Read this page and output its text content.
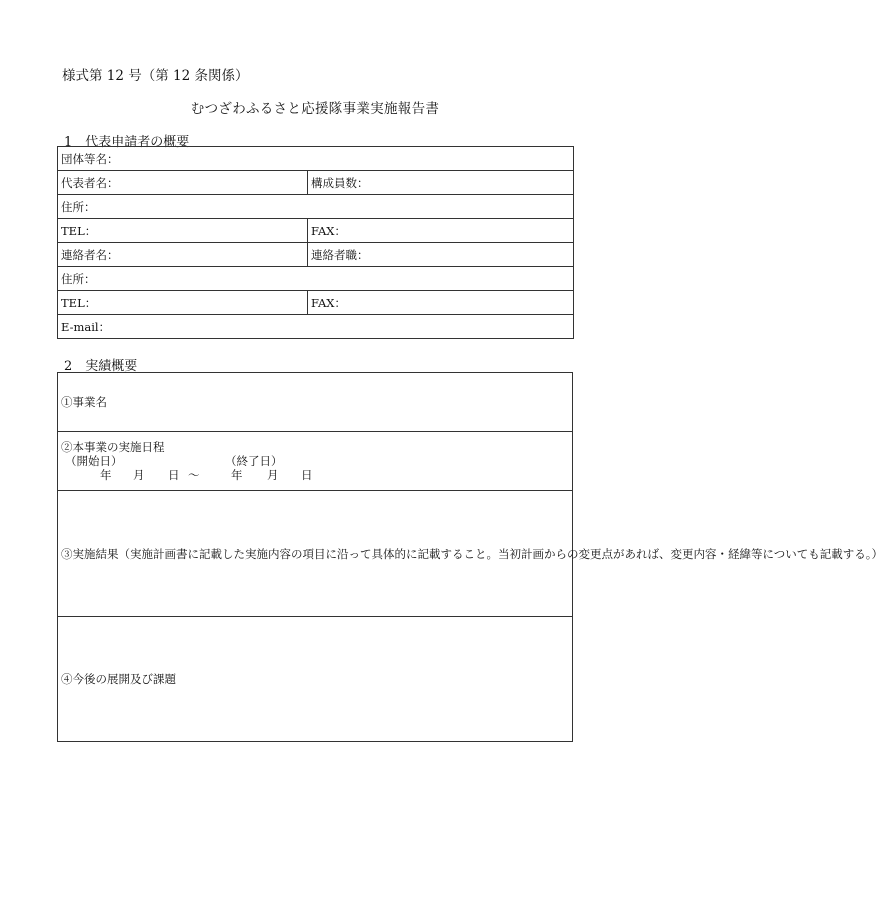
様式第 12 号（第 12 条関係）
むつざわふるさと応援隊事業実施報告書
1　代表申請者の概要
団体等名：	
代表者名：	構成員数：
住所：	
TEL：	FAX：
連絡者名：	連絡者職：
住所：	
TEL：	FAX：
E-mail：	
2　実績概要
①事業名

②本事業の実施日程
（開始日）	（終了日）
年 月 日 ～	年 月 日

③実施結果（実施計画書に記載した実施内容の項目に沿って具体的に記載すること。当初計画からの変更点があれば、変更内容・経緯等についても記載する。）

④今後の展開及び課題
